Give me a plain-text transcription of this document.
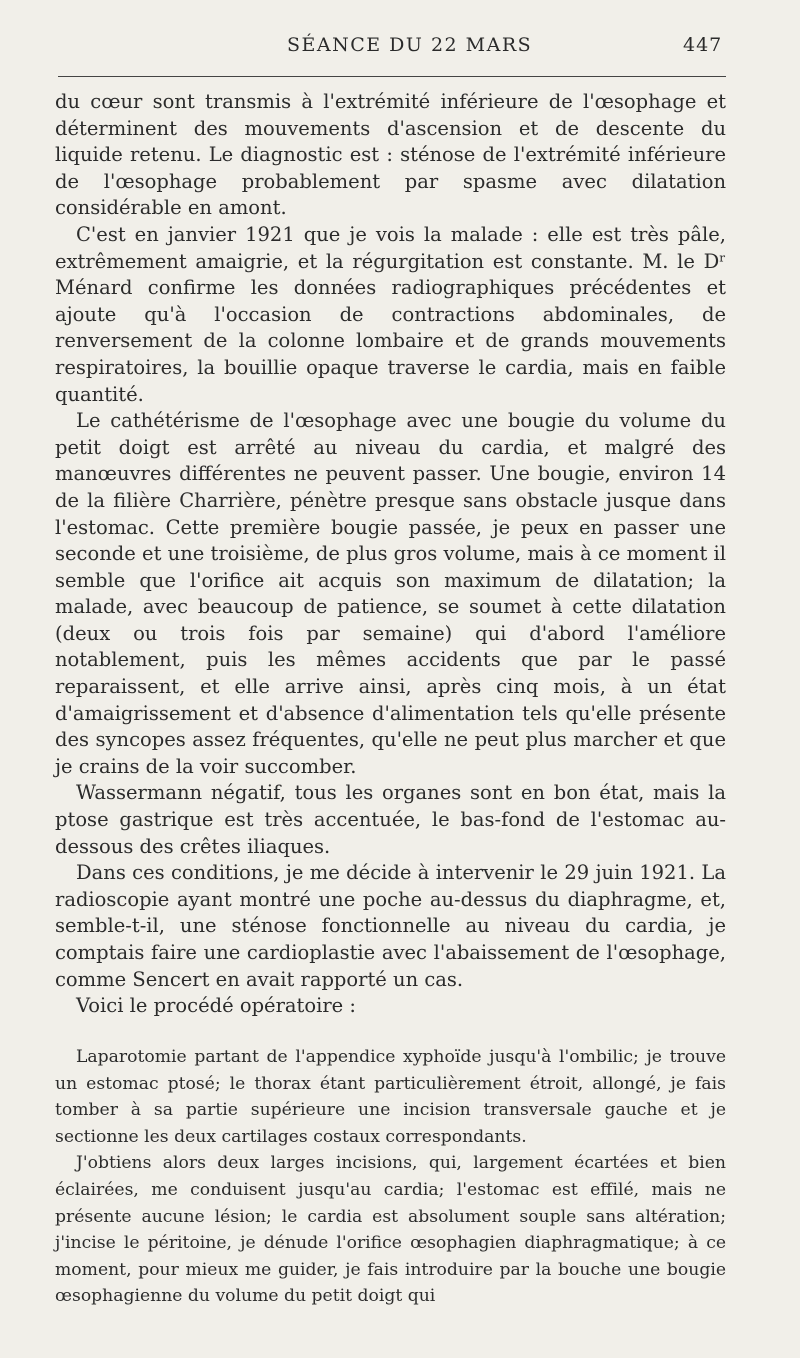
SÉANCE DU 22 MARS	447

du cœur sont transmis à l'extrémité inférieure de l'œsophage et déterminent des mouvements d'ascension et de descente du liquide retenu. Le diagnostic est : sténose de l'extrémité inférieure de l'œsophage probablement par spasme avec dilatation considérable en amont.

C'est en janvier 1921 que je vois la malade : elle est très pâle, extrêmement amaigrie, et la régurgitation est constante. M. le Dʳ Ménard confirme les données radiographiques précédentes et ajoute qu'à l'occasion de contractions abdominales, de renversement de la colonne lombaire et de grands mouvements respiratoires, la bouillie opaque traverse le cardia, mais en faible quantité.

Le cathétérisme de l'œsophage avec une bougie du volume du petit doigt est arrêté au niveau du cardia, et malgré des manœuvres différentes ne peuvent passer. Une bougie, environ 14 de la filière Charrière, pénètre presque sans obstacle jusque dans l'estomac. Cette première bougie passée, je peux en passer une seconde et une troisième, de plus gros volume, mais à ce moment il semble que l'orifice ait acquis son maximum de dilatation; la malade, avec beaucoup de patience, se soumet à cette dilatation (deux ou trois fois par semaine) qui d'abord l'améliore notablement, puis les mêmes accidents que par le passé reparaissent, et elle arrive ainsi, après cinq mois, à un état d'amaigrissement et d'absence d'alimentation tels qu'elle présente des syncopes assez fréquentes, qu'elle ne peut plus marcher et que je crains de la voir succomber.

Wassermann négatif, tous les organes sont en bon état, mais la ptose gastrique est très accentuée, le bas-fond de l'estomac au-dessous des crêtes iliaques.

Dans ces conditions, je me décide à intervenir le 29 juin 1921. La radioscopie ayant montré une poche au-dessus du diaphragme, et, semble-t-il, une sténose fonctionnelle au niveau du cardia, je comptais faire une cardioplastie avec l'abaissement de l'œsophage, comme Sencert en avait rapporté un cas.

Voici le procédé opératoire :

Laparotomie partant de l'appendice xyphoïde jusqu'à l'ombilic; je trouve un estomac ptosé; le thorax étant particulièrement étroit, allongé, je fais tomber à sa partie supérieure une incision transversale gauche et je sectionne les deux cartilages costaux correspondants.

J'obtiens alors deux larges incisions, qui, largement écartées et bien éclairées, me conduisent jusqu'au cardia; l'estomac est effilé, mais ne présente aucune lésion; le cardia est absolument souple sans altération; j'incise le péritoine, je dénude l'orifice œsophagien diaphragmatique; à ce moment, pour mieux me guider, je fais introduire par la bouche une bougie œsophagienne du volume du petit doigt qui
